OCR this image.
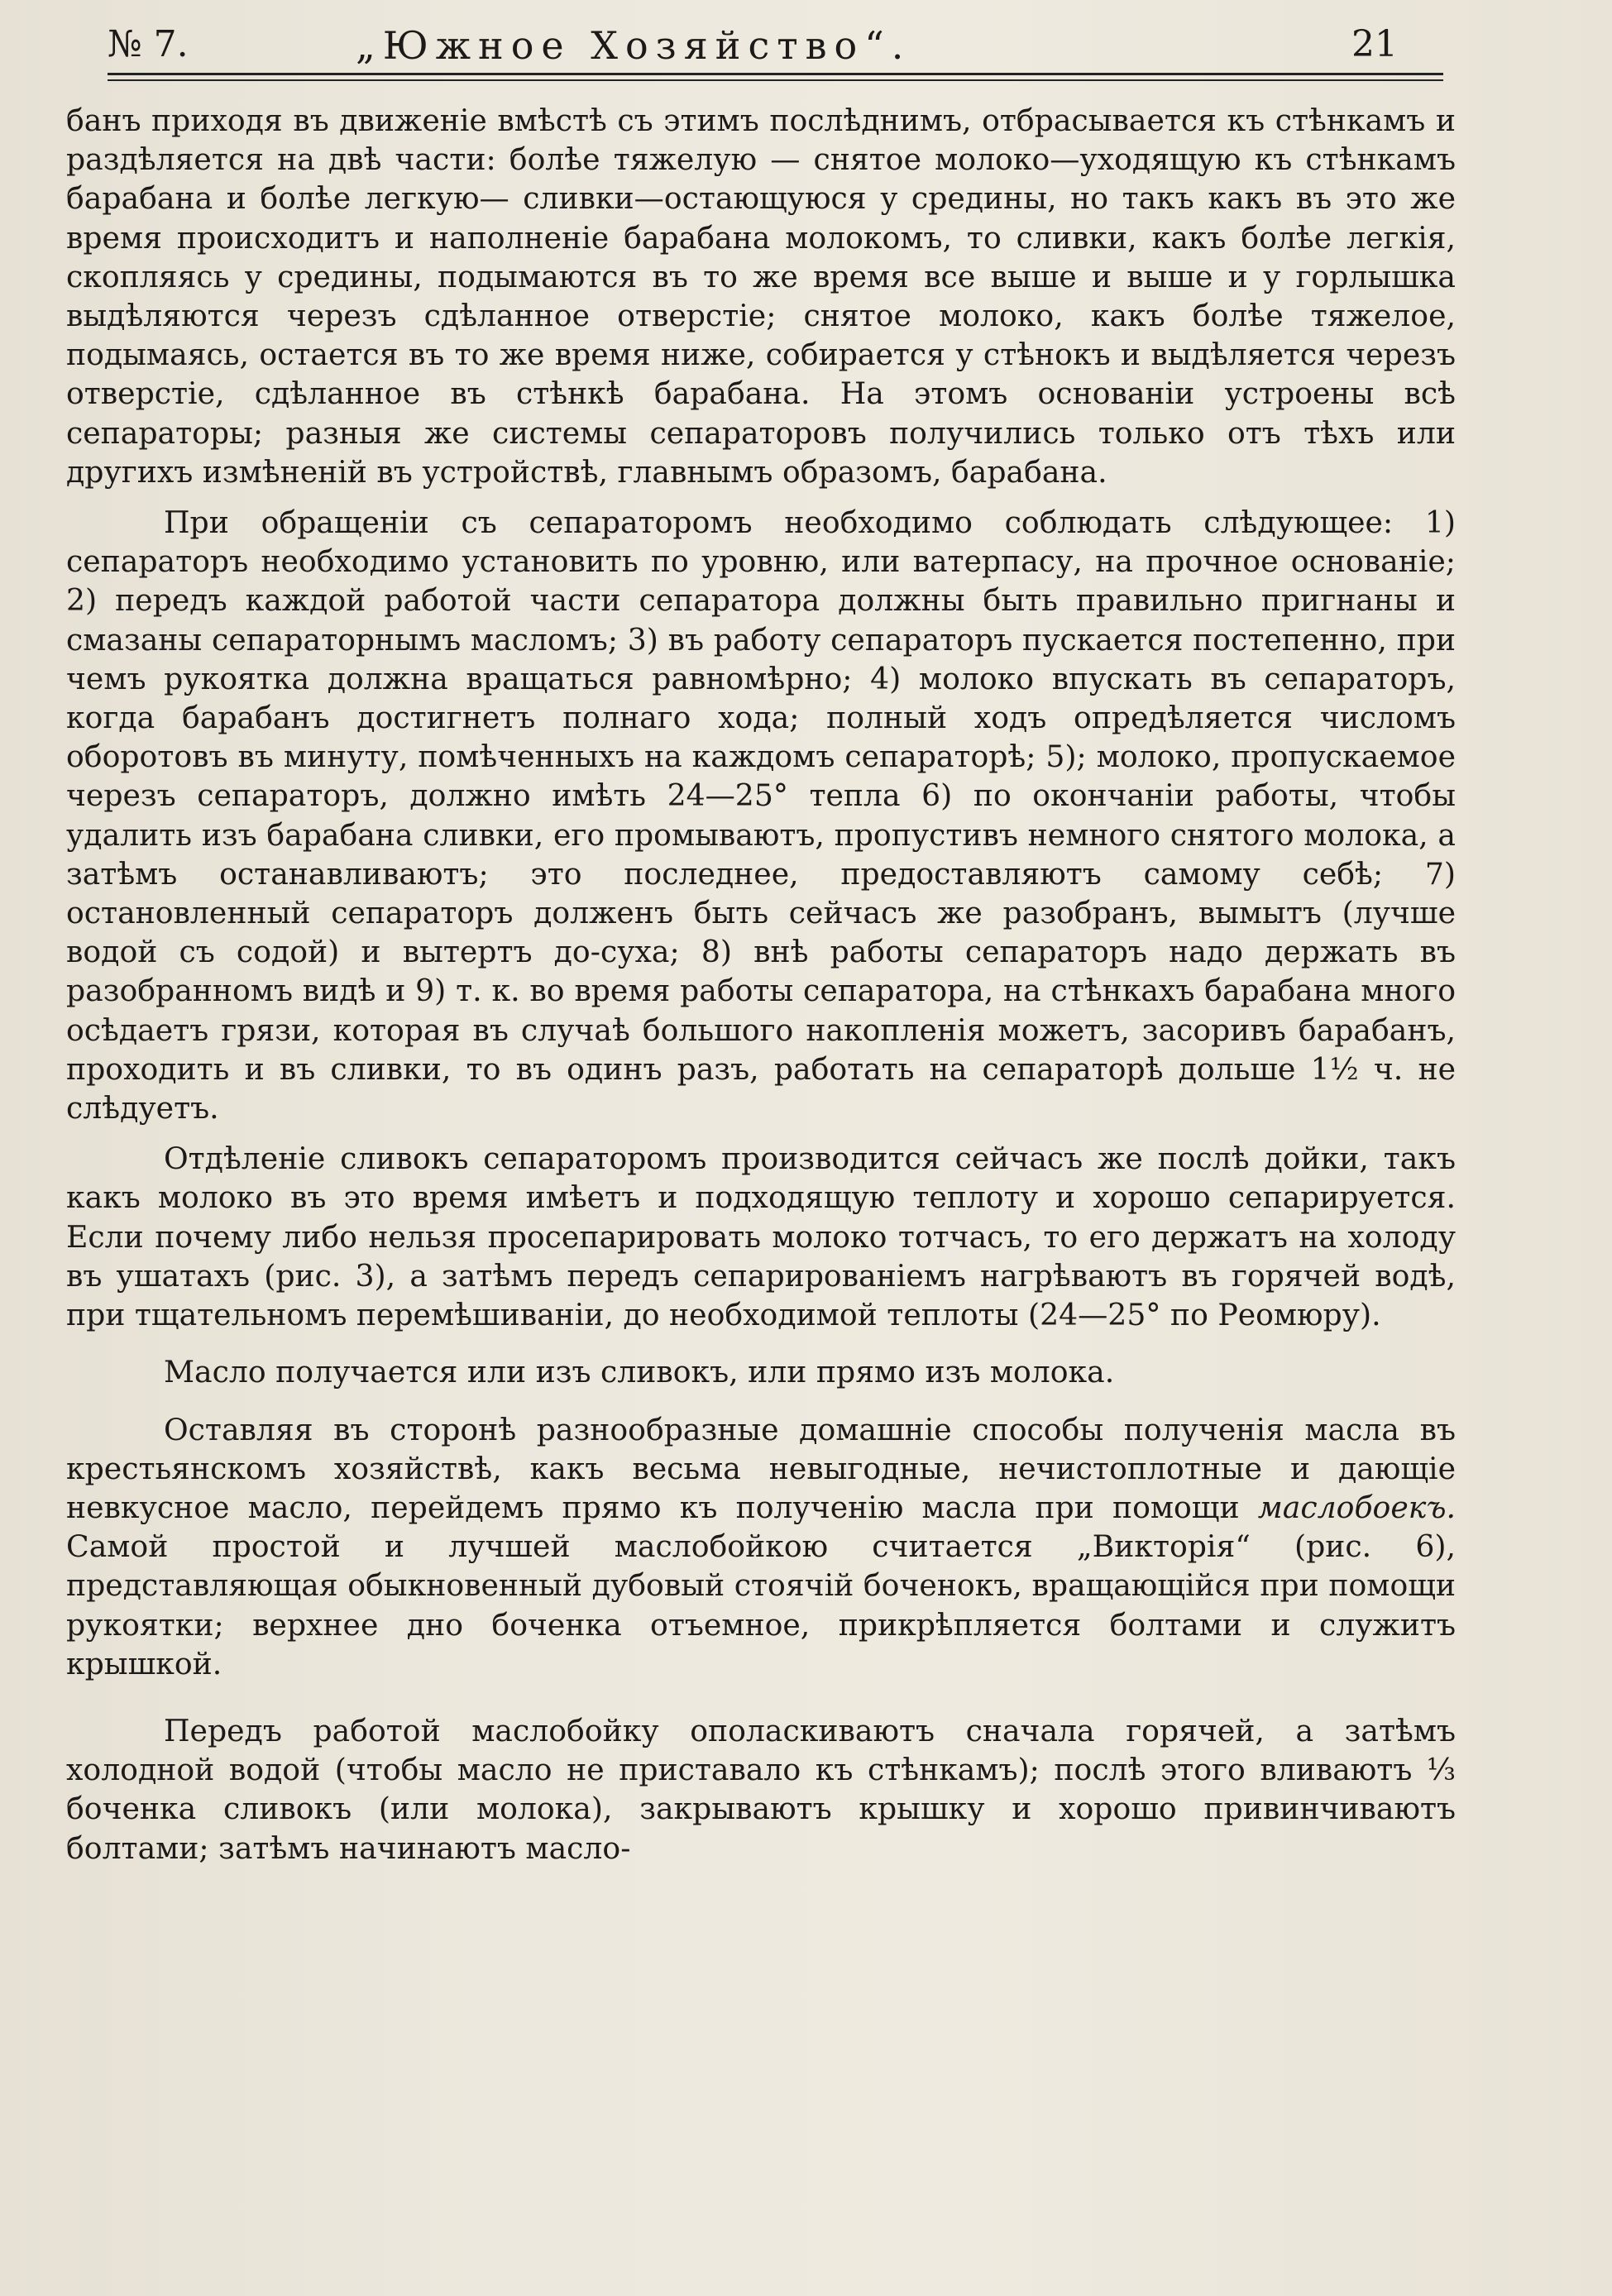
№ 7.	„Южное Хозяйство“.	21

банъ приходя въ движенiе вмѣстѣ съ этимъ послѣднимъ, отбрасывается къ стѣнкамъ и раздѣляется на двѣ части: болѣе тяжелую — снятое молоко—уходящую къ стѣнкамъ барабана и болѣе легкую— сливки—остающуюся у средины, но такъ какъ въ это же время происходитъ и наполненiе барабана молокомъ, то сливки, какъ болѣе легкiя, скопляясь у средины, подымаются въ то же время все выше и выше и у горлышка выдѣляются черезъ сдѣланное отверстiе; снятое молоко, какъ болѣе тяжелое, подымаясь, остается въ то же время ниже, собирается у стѣнокъ и выдѣляется черезъ отверстiе, сдѣланное въ стѣнкѣ барабана. На этомъ основанiи устроены всѣ сепараторы; разныя же системы сепараторовъ получились только отъ тѣхъ или другихъ измѣненiй въ устройствѣ, главнымъ образомъ, барабана.

При обращенiи съ сепараторомъ необходимо соблюдать слѣдующее: 1) сепараторъ необходимо установить по уровню, или ватерпасу, на прочное основанiе; 2) передъ каждой работой части сепаратора должны быть правильно пригнаны и смазаны сепараторнымъ масломъ; 3) въ работу сепараторъ пускается постепенно, при чемъ рукоятка должна вращаться равномѣрно; 4) молоко впускать въ сепараторъ, когда барабанъ достигнетъ полнаго хода; полный ходъ опредѣляется числомъ оборотовъ въ минуту, помѣченныхъ на каждомъ сепараторѣ; 5); молоко, пропускаемое черезъ сепараторъ, должно имѣть 24—25° тепла 6) по окончанiи работы, чтобы удалить изъ барабана сливки, его промываютъ, пропустивъ немного снятого молока, а затѣмъ останавливаютъ; это последнее, предоставляютъ самому себѣ; 7) остановленный сепараторъ долженъ быть сейчасъ же разобранъ, вымытъ (лучше водой съ содой) и вытертъ до-суха; 8) внѣ работы сепараторъ надо держать въ разобранномъ видѣ и 9) т. к. во время работы сепаратора, на стѣнкахъ барабана много осѣдаетъ грязи, которая въ случаѣ большого накопленiя можетъ, засоривъ барабанъ, проходить и въ сливки, то въ одинъ разъ, работать на сепараторѣ дольше 1½ ч. не слѣдуетъ.

Отдѣленiе сливокъ сепараторомъ производится сейчасъ же послѣ дойки, такъ какъ молоко въ это время имѣетъ и подходящую теплоту и хорошо сепарируется. Если почему либо нельзя просепарировать молоко тотчасъ, то его держатъ на холоду въ ушатахъ (рис. 3), а затѣмъ передъ сепарированiемъ нагрѣваютъ въ горячей водѣ, при тщательномъ перемѣшиванiи, до необходимой теплоты (24—25° по Реомюру).

Масло получается или изъ сливокъ, или прямо изъ молока.

Оставляя въ сторонѣ разнообразные домашнiе способы полученiя масла въ крестьянскомъ хозяйствѣ, какъ весьма невыгодные, нечистоплотные и дающiе невкусное масло, перейдемъ прямо къ полученiю масла при помощи маслобоекъ. Самой простой и лучшей маслобойкою считается „Викторiя“ (рис. 6), представляющая обыкновенный дубовый стоячiй боченокъ, вращающiйся при помощи рукоятки; верхнее дно боченка отъемное, прикрѣпляется болтами и служитъ крышкой.

Передъ работой маслобойку ополаскиваютъ сначала горячей, а затѣмъ холодной водой (чтобы масло не приставало къ стѣнкамъ); послѣ этого вливаютъ ⅓ боченка сливокъ (или молока), закрываютъ крышку и хорошо привинчиваютъ болтами; затѣмъ начинаютъ масло-
